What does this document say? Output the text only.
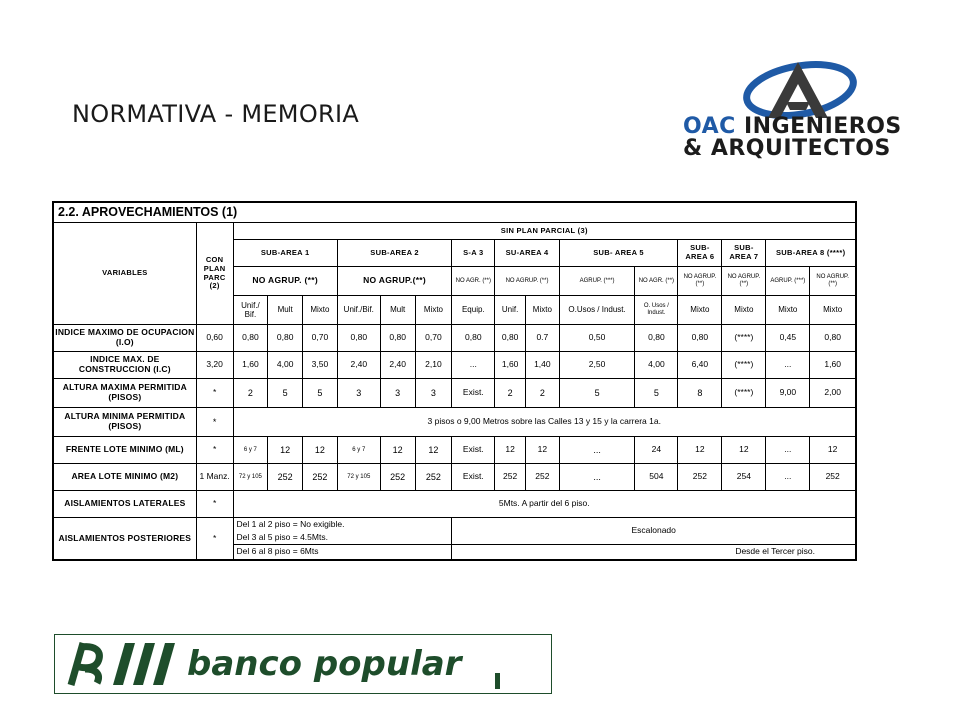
NORMATIVA - MEMORIA	OAC INGENIEROS
& ARQUITECTOS
2.2. APROVECHAMIENTOS (1)																
VARIABLES	CON PLAN PARC (2)	SIN PLAN PARCIAL (3)														
		SUB-AREA 1			SUB-AREA 2			S-A 3	SU-AREA 4		SUB- AREA 5		SUB- AREA 6	SUB- AREA 7	SUB-AREA 8 (****)	
		NO AGRUP. (**)			NO AGRUP.(**)			NO AGR. (**)	NO AGRUP. (**)		AGRUP. (***)	NO AGR. (**)	NO AGRUP. (**)	NO AGRUP. (**)	AGRUP. (***)	NO AGRUP. (**)
		Unif./ Bif.	Mult	Mixto	Unif./Bif.	Mult	Mixto	Equip.	Unif.	Mixto	O.Usos / Indust.	O. Usos / Indust.	Mixto	Mixto	Mixto	Mixto
INDICE MAXIMO DE OCUPACION (I.O)	0,60	0,80	0,80	0,70	0,80	0,80	0,70	0,80	0,80	0.7	0,50	0,80	0,80	(****)	0,45	0,80
INDICE MAX. DE CONSTRUCCION (I.C)	3,20	1,60	4,00	3,50	2,40	2,40	2,10	...	1,60	1,40	2,50	4,00	6,40	(****)	...	1,60
ALTURA MAXIMA PERMITIDA (PISOS)	*	2	5	5	3	3	3	Exist.	2	2	5	5	8	(****)	9,00	2,00
ALTURA MINIMA PERMITIDA (PISOS)	*	3 pisos o 9,00 Metros sobre las Calles 13 y 15 y la carrera 1a.														
FRENTE LOTE MINIMO (ML)	*	6 y 7	12	12	6 y 7	12	12	Exist.	12	12	...	24	12	12	...	12
AREA LOTE MINIMO (M2)	1 Manz.	72 y 105	252	252	72 y 105	252	252	Exist.	252	252	...	504	252	254	...	252
AISLAMIENTOS LATERALES	*	5Mts. A partir del 6 piso.														
AISLAMIENTOS POSTERIORES	*	Del 1 al 2 piso = No exigible.						Escalonado								
		Del 3 al 5 piso = 4.5Mts.														
		Del 6 al 8 piso = 6Mts						Desde el Tercer piso.								
banco popular
